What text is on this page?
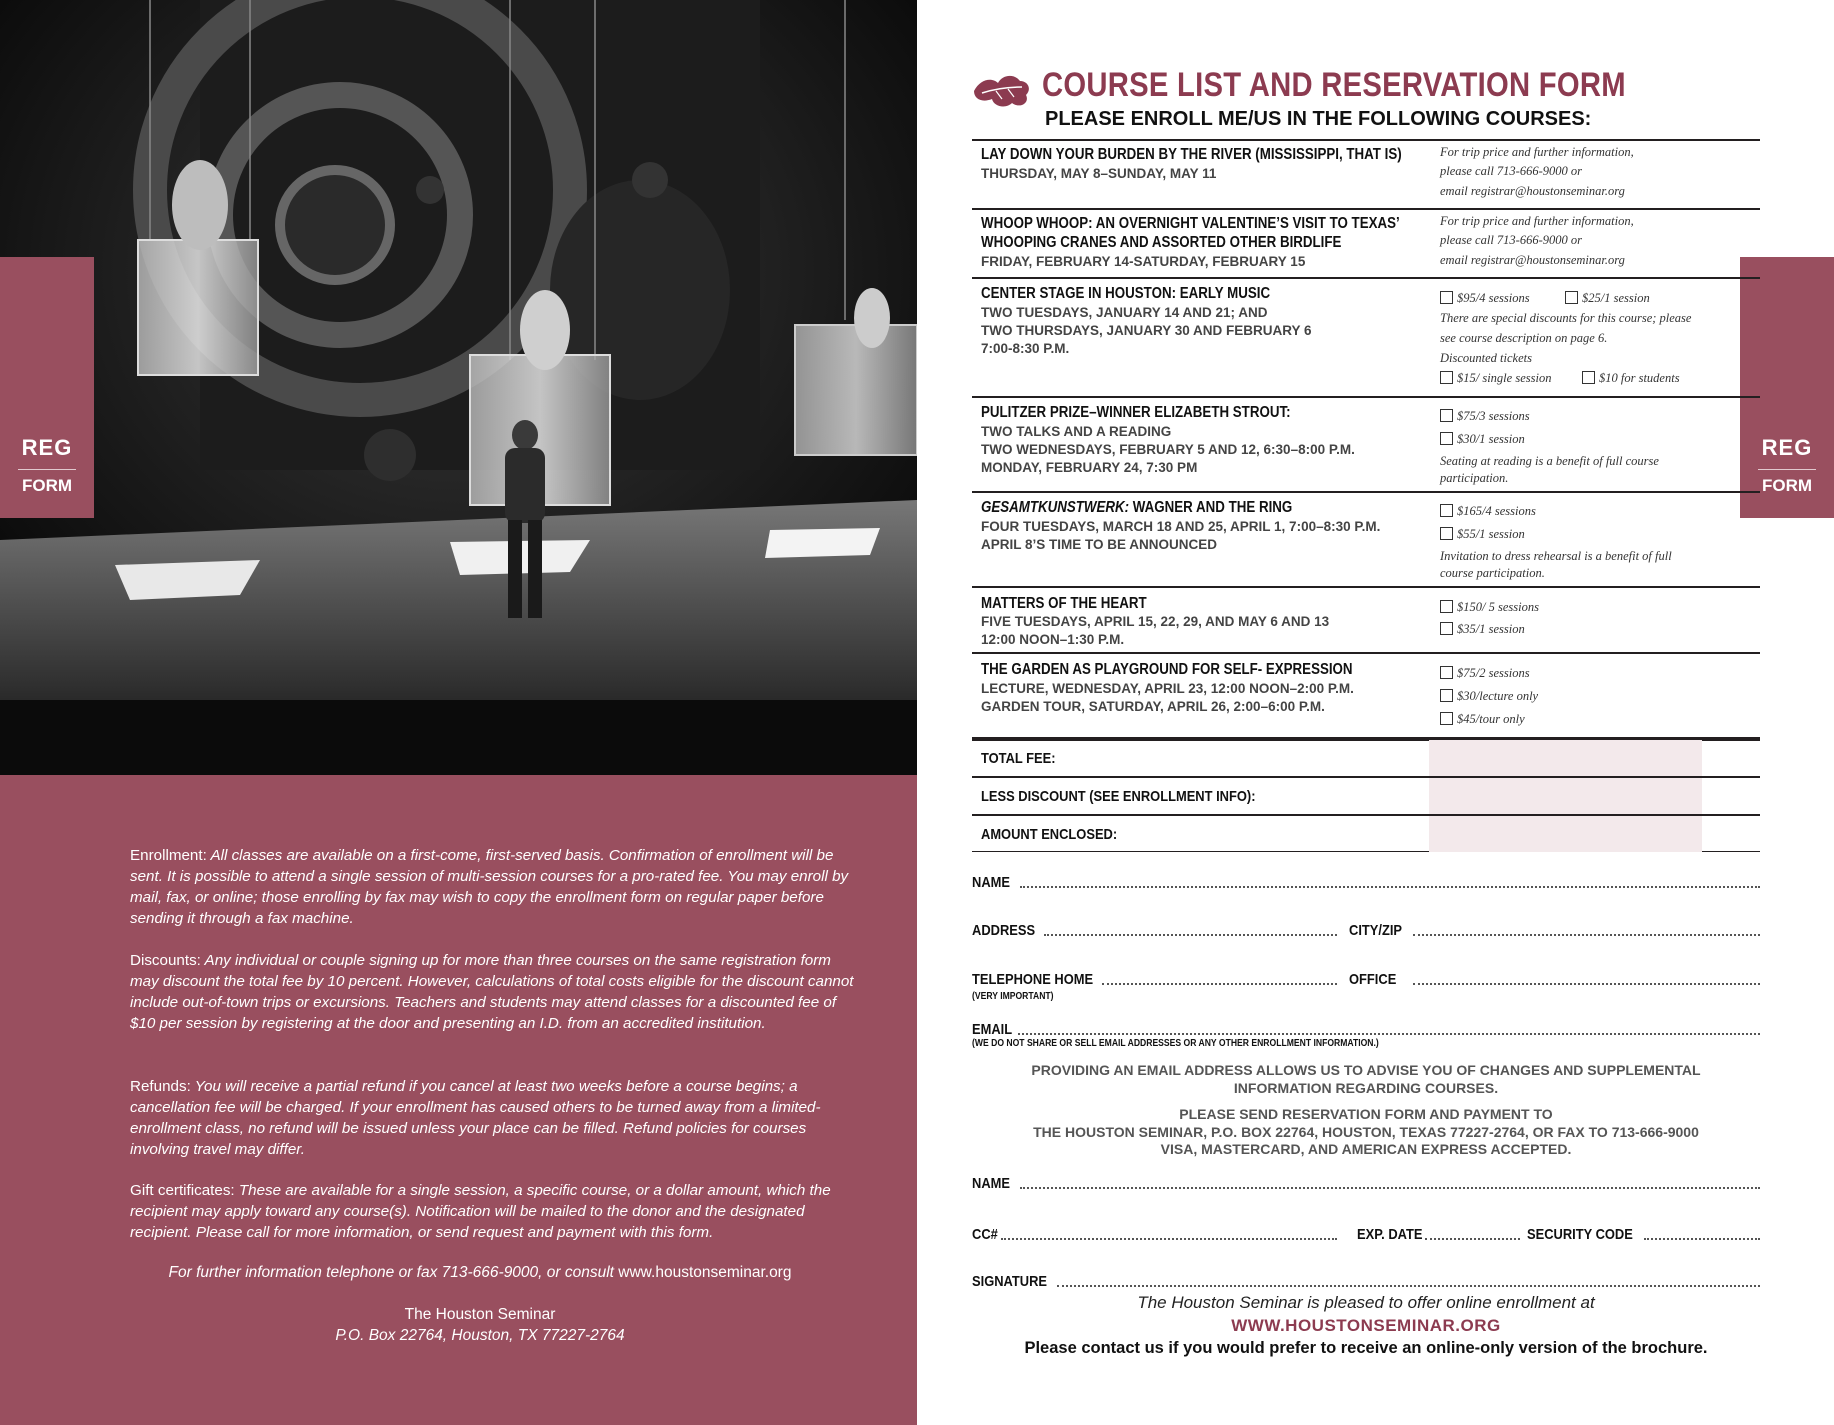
Enrollment: All classes are available on a first-come, first-served basis. Confirmation of enrollment will be sent. It is possible to attend a single session of multi-session courses for a pro-rated fee. You may enroll by mail, fax, or online; those enrolling by fax may wish to copy the enrollment form on regular paper before sending it through a fax machine.
Discounts: Any individual or couple signing up for more than three courses on the same registration form may discount the total fee by 10 percent. However, calculations of total costs eligible for the discount cannot include out-of-town trips or excursions. Teachers and students may attend classes for a discounted fee of $10 per session by registering at the door and presenting an I.D. from an accredited institution.
Refunds: You will receive a partial refund if you cancel at least two weeks before a course begins; a cancellation fee will be charged. If your enrollment has caused others to be turned away from a limited-enrollment class, no refund will be issued unless your place can be filled. Refund policies for courses involving travel may differ.
Gift certificates: These are available for a single session, a specific course, or a dollar amount, which the recipient may apply toward any course(s). Notification will be mailed to the donor and the designated recipient. Please call for more information, or send request and payment with this form.
For further information telephone or fax 713-666-9000, or consult www.houstonseminar.org
The Houston Seminar
P.O. Box 22764, Houston, TX 77227-2764
REG
FORM
REG
FORM
COURSE LIST AND RESERVATION FORM
PLEASE ENROLL ME/US IN THE FOLLOWING COURSES:
LAY DOWN YOUR BURDEN BY THE RIVER (MISSISSIPPI, THAT IS)
THURSDAY, MAY 8–SUNDAY, MAY 11
For trip price and further information,
please call 713-666-9000 or
email registrar@houstonseminar.org
WHOOP WHOOP: AN OVERNIGHT VALENTINE’S VISIT TO TEXAS’
WHOOPING CRANES AND ASSORTED OTHER BIRDLIFE
FRIDAY, FEBRUARY 14-SATURDAY, FEBRUARY 15
For trip price and further information,
please call 713-666-9000 or
email registrar@houstonseminar.org
CENTER STAGE IN HOUSTON: EARLY MUSIC
TWO TUESDAYS, JANUARY 14 AND 21; AND
TWO THURSDAYS, JANUARY 30 AND FEBRUARY 6
7:00-8:30 P.M.
$95/4 sessions	$25/1 session
There are special discounts for this course; please
see course description on page 6.
Discounted tickets
$15/ single session	$10 for students
PULITZER PRIZE–WINNER ELIZABETH STROUT:
TWO TALKS AND A READING
TWO WEDNESDAYS, FEBRUARY 5 AND 12, 6:30–8:00 P.M.
MONDAY, FEBRUARY 24, 7:30 PM
$75/3 sessions
$30/1 session
Seating at reading is a benefit of full course
participation.
GESAMTKUNSTWERK: WAGNER AND THE RING
FOUR TUESDAYS, MARCH 18 AND 25, APRIL 1, 7:00–8:30 P.M.
APRIL 8’S TIME TO BE ANNOUNCED
$165/4 sessions
$55/1 session
Invitation to dress rehearsal is a benefit of full
course participation.
MATTERS OF THE HEART
FIVE TUESDAYS, APRIL 15, 22, 29, AND MAY 6 AND 13
12:00 NOON–1:30 P.M.
$150/ 5 sessions
$35/1 session
THE GARDEN AS PLAYGROUND FOR SELF- EXPRESSION
LECTURE, WEDNESDAY, APRIL 23, 12:00 NOON–2:00 P.M.
GARDEN TOUR, SATURDAY, APRIL 26, 2:00–6:00 P.M.
$75/2 sessions
$30/lecture only
$45/tour only
TOTAL FEE:
LESS DISCOUNT (SEE ENROLLMENT INFO):
AMOUNT ENCLOSED:
NAME
ADDRESS	CITY/ZIP
TELEPHONE HOME
(VERY IMPORTANT)
OFFICE
EMAIL
(WE DO NOT SHARE OR SELL EMAIL ADDRESSES OR ANY OTHER ENROLLMENT INFORMATION.)
PROVIDING AN EMAIL ADDRESS ALLOWS US TO ADVISE YOU OF CHANGES AND SUPPLEMENTAL
INFORMATION REGARDING COURSES.
PLEASE SEND RESERVATION FORM AND PAYMENT TO
THE HOUSTON SEMINAR, P.O. BOX 22764, HOUSTON, TEXAS 77227-2764, OR FAX TO 713-666-9000
VISA, MASTERCARD, AND AMERICAN EXPRESS ACCEPTED.
NAME
CC#	EXP. DATE	SECURITY CODE
SIGNATURE
The Houston Seminar is pleased to offer online enrollment at
WWW.HOUSTONSEMINAR.ORG
Please contact us if you would prefer to receive an online-only version of the brochure.
